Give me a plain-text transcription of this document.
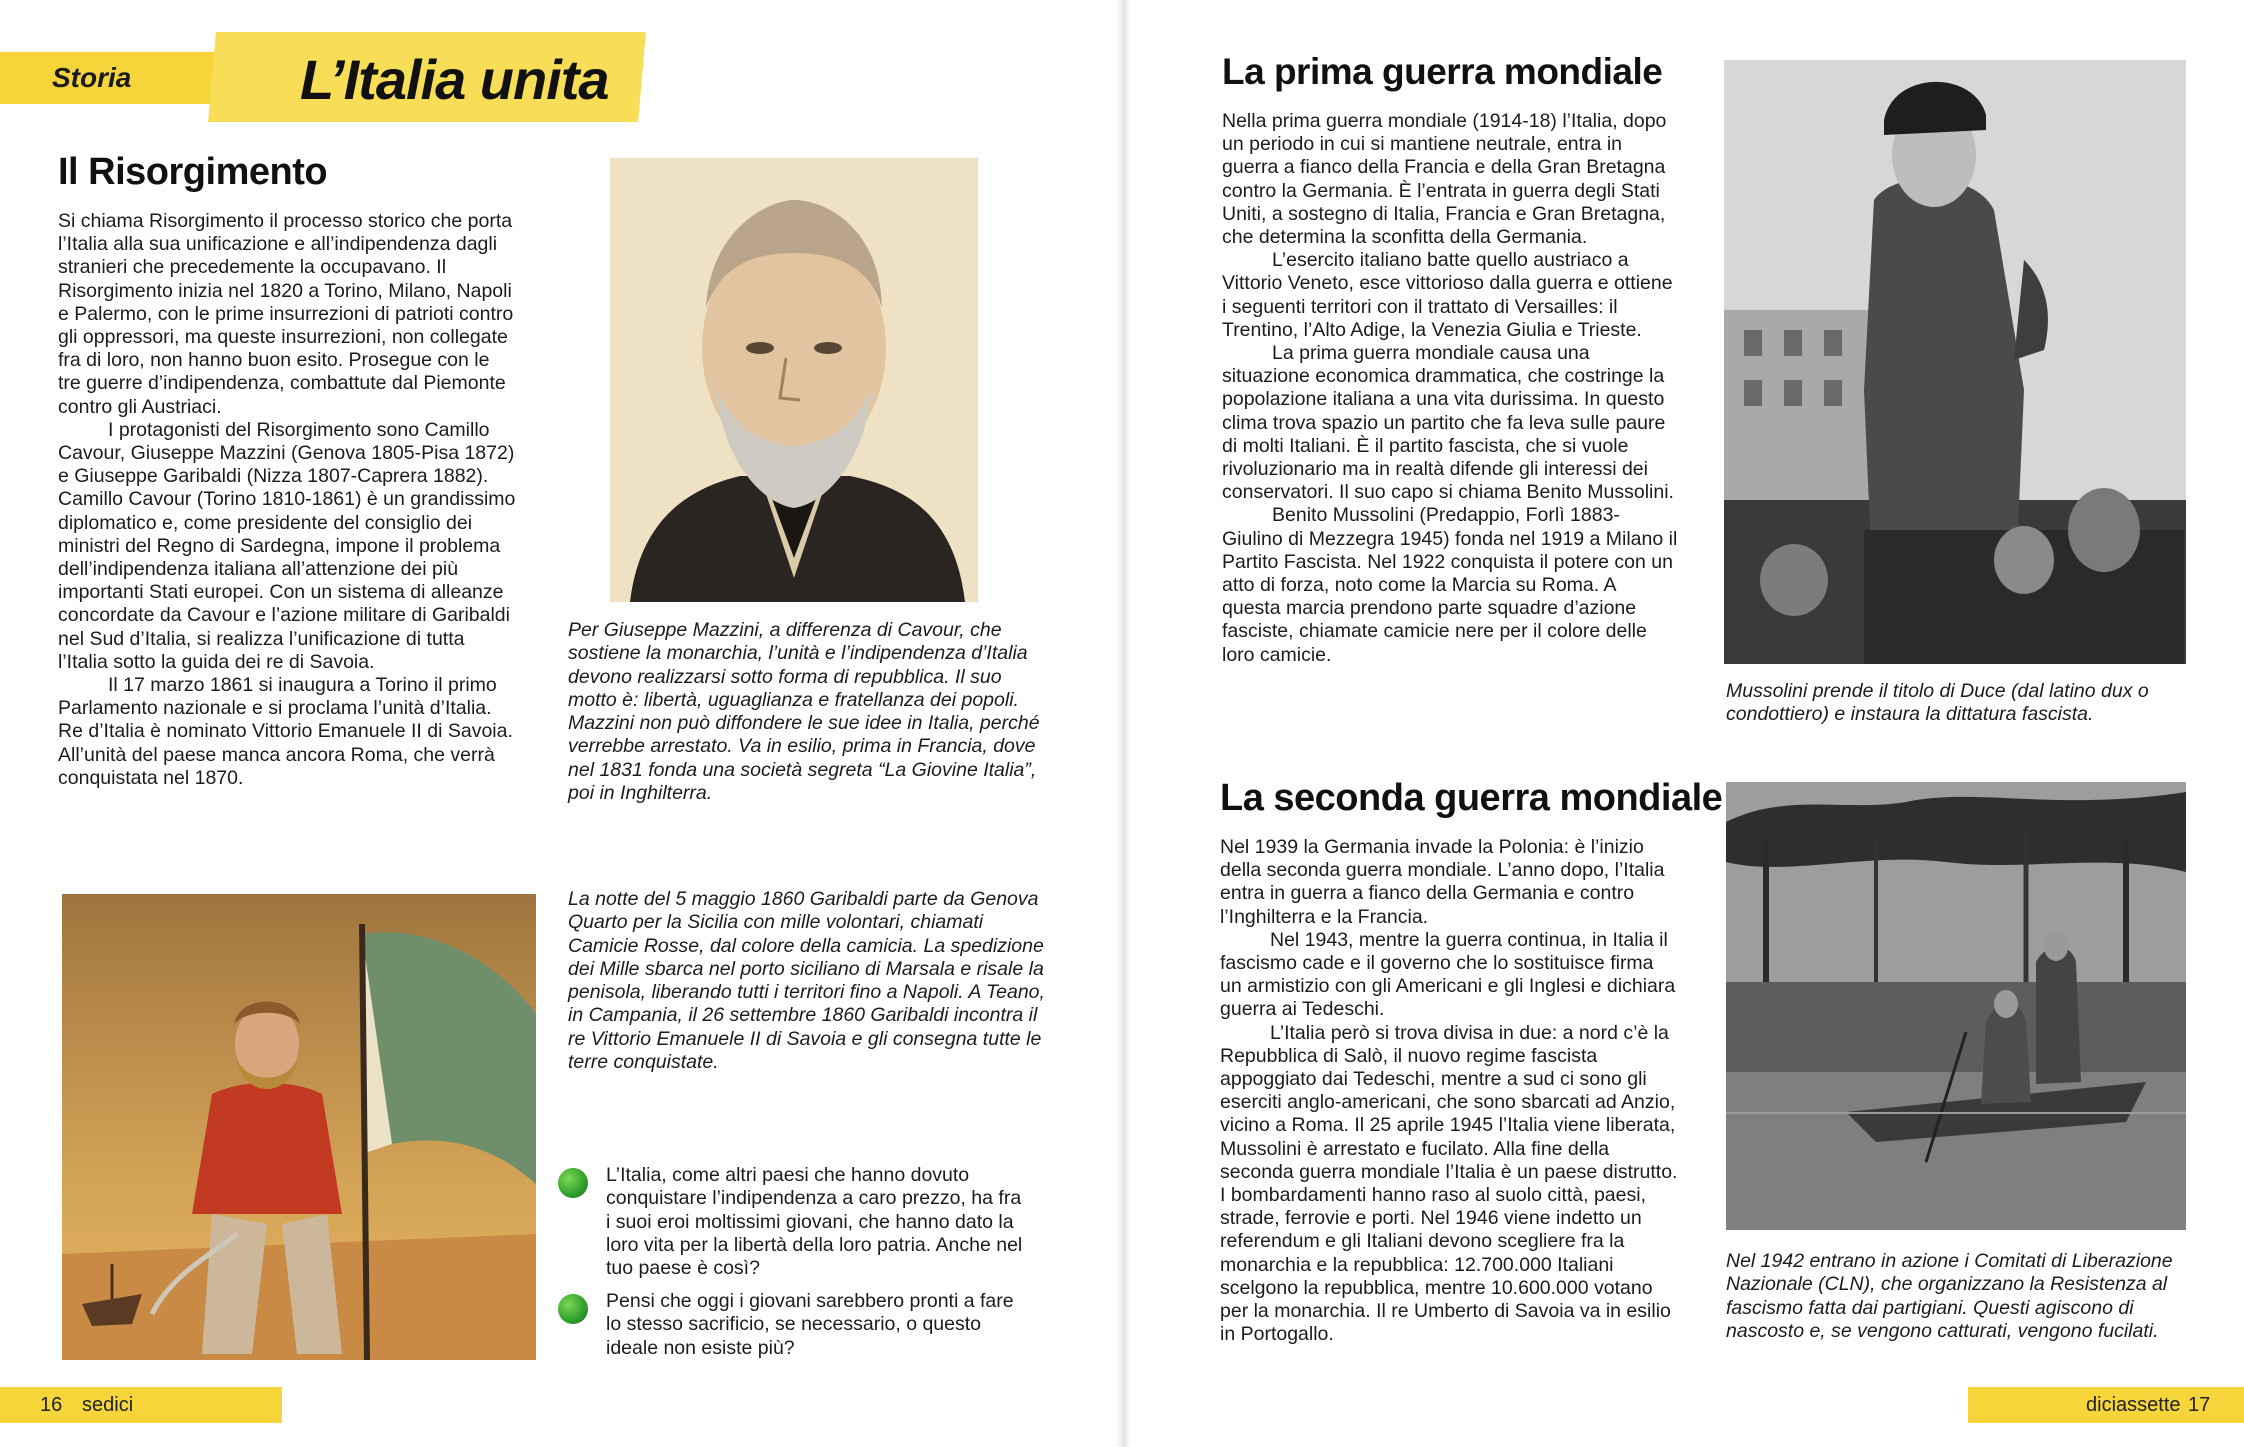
Storia	L’Italia unita
Il Risorgimento

Si chiama Risorgimento il processo storico che porta l’Italia alla sua unificazione e all’indipendenza dagli stranieri che precedemente la occupavano. Il Risorgimento inizia nel 1820 a Torino, Milano, Napoli e Palermo, con le prime insurrezioni di patrioti contro gli oppressori, ma queste insurrezioni, non collegate fra di loro, non hanno buon esito. Prosegue con le tre guerre d’indipendenza, combattute dal Piemonte contro gli Austriaci.

I protagonisti del Risorgimento sono Camillo Cavour, Giuseppe Mazzini (Genova 1805-Pisa 1872) e Giuseppe Garibaldi (Nizza 1807-Caprera 1882). Camillo Cavour (Torino 1810-1861) è un grandissimo diplomatico e, come presidente del consiglio dei ministri del Regno di Sardegna, impone il problema dell’indipendenza italiana all’attenzione dei più importanti Stati europei. Con un sistema di alleanze concordate da Cavour e l’azione militare di Garibaldi nel Sud d’Italia, si realizza l’unificazione di tutta l’Italia sotto la guida dei re di Savoia.

Il 17 marzo 1861 si inaugura a Torino il primo Parlamento nazionale e si proclama l’unità d’Italia. Re d’Italia è nominato Vittorio Emanuele II di Savoia. All’unità del paese manca ancora Roma, che verrà conquistata nel 1870.

Per Giuseppe Mazzini, a differenza di Cavour, che sostiene la monarchia, l’unità e l’indipendenza d’Italia devono realizzarsi sotto forma di repubblica. Il suo motto è: libertà, uguaglianza e fratellanza dei popoli. Mazzini non può diffondere le sue idee in Italia, perché verrebbe arrestato. Va in esilio, prima in Francia, dove nel 1831 fonda una società segreta “La Giovine Italia”, poi in Inghilterra.

La notte del 5 maggio 1860 Garibaldi parte da Genova Quarto per la Sicilia con mille volontari, chiamati Camicie Rosse, dal colore della camicia. La spedizione dei Mille sbarca nel porto siciliano di Marsala e risale la penisola, liberando tutti i territori fino a Napoli. A Teano, in Campania, il 26 settembre 1860 Garibaldi incontra il re Vittorio Emanuele II di Savoia e gli consegna tutte le terre conquistate.

L’Italia, come altri paesi che hanno dovuto conquistare l’indipendenza a caro prezzo, ha fra i suoi eroi moltissimi giovani, che hanno dato la loro vita per la libertà della loro patria. Anche nel tuo paese è così?

Pensi che oggi i giovani sarebbero pronti a fare lo stesso sacrificio, se necessario, o questo ideale non esiste più?

16 sedici
La prima guerra mondiale

Nella prima guerra mondiale (1914-18) l’Italia, dopo un periodo in cui si mantiene neutrale, entra in guerra a fianco della Francia e della Gran Bretagna contro la Germania. È l’entrata in guerra degli Stati Uniti, a sostegno di Italia, Francia e Gran Bretagna, che determina la sconfitta della Germania.

L’esercito italiano batte quello austriaco a Vittorio Veneto, esce vittorioso dalla guerra e ottiene i seguenti territori con il trattato di Versailles: il Trentino, l’Alto Adige, la Venezia Giulia e Trieste.

La prima guerra mondiale causa una situazione economica drammatica, che costringe la popolazione italiana a una vita durissima. In questo clima trova spazio un partito che fa leva sulle paure di molti Italiani. È il partito fascista, che si vuole rivoluzionario ma in realtà difende gli interessi dei conservatori. Il suo capo si chiama Benito Mussolini.

Benito Mussolini (Predappio, Forlì 1883-Giulino di Mezzegra 1945) fonda nel 1919 a Milano il Partito Fascista. Nel 1922 conquista il potere con un atto di forza, noto come la Marcia su Roma. A questa marcia prendono parte squadre d’azione fasciste, chiamate camicie nere per il colore delle loro camicie.

Mussolini prende il titolo di Duce (dal latino dux o condottiero) e instaura la dittatura fascista.

La seconda guerra mondiale

Nel 1939 la Germania invade la Polonia: è l’inizio della seconda guerra mondiale. L’anno dopo, l’Italia entra in guerra a fianco della Germania e contro l’Inghilterra e la Francia.

Nel 1943, mentre la guerra continua, in Italia il fascismo cade e il governo che lo sostituisce firma un armistizio con gli Americani e gli Inglesi e dichiara guerra ai Tedeschi.

L’Italia però si trova divisa in due: a nord c’è la Repubblica di Salò, il nuovo regime fascista appoggiato dai Tedeschi, mentre a sud ci sono gli eserciti anglo-americani, che sono sbarcati ad Anzio, vicino a Roma. Il 25 aprile 1945 l’Italia viene liberata, Mussolini è arrestato e fucilato. Alla fine della seconda guerra mondiale l’Italia è un paese distrutto. I bombardamenti hanno raso al suolo città, paesi, strade, ferrovie e porti. Nel 1946 viene indetto un referendum e gli Italiani devono scegliere fra la monarchia e la repubblica: 12.700.000 Italiani scelgono la repubblica, mentre 10.600.000 votano per la monarchia. Il re Umberto di Savoia va in esilio in Portogallo.

Nel 1942 entrano in azione i Comitati di Liberazione Nazionale (CLN), che organizzano la Resistenza al fascismo fatta dai partigiani. Questi agiscono di nascosto e, se vengono catturati, vengono fucilati.

diciassette 17
